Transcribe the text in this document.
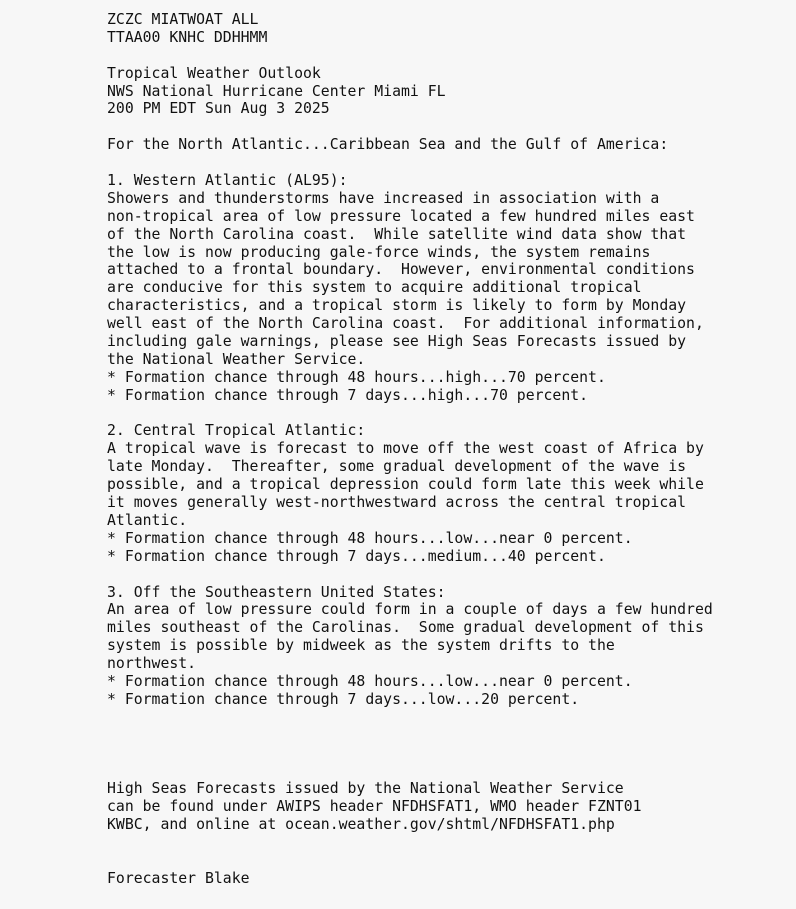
ZCZC MIATWOAT ALL
TTAA00 KNHC DDHHMM
Tropical Weather Outlook
NWS National Hurricane Center Miami FL
200 PM EDT Sun Aug 3 2025
For the North Atlantic...Caribbean Sea and the Gulf of America:
1. Western Atlantic (AL95):
Showers and thunderstorms have increased in association with a
non-tropical area of low pressure located a few hundred miles east
of the North Carolina coast.  While satellite wind data show that
the low is now producing gale-force winds, the system remains
attached to a frontal boundary.  However, environmental conditions
are conducive for this system to acquire additional tropical
characteristics, and a tropical storm is likely to form by Monday
well east of the North Carolina coast.  For additional information,
including gale warnings, please see High Seas Forecasts issued by
the National Weather Service.
* Formation chance through 48 hours...high...70 percent.
* Formation chance through 7 days...high...70 percent.
2. Central Tropical Atlantic:
A tropical wave is forecast to move off the west coast of Africa by
late Monday.  Thereafter, some gradual development of the wave is
possible, and a tropical depression could form late this week while
it moves generally west-northwestward across the central tropical
Atlantic.
* Formation chance through 48 hours...low...near 0 percent.
* Formation chance through 7 days...medium...40 percent.
3. Off the Southeastern United States:
An area of low pressure could form in a couple of days a few hundred
miles southeast of the Carolinas.  Some gradual development of this
system is possible by midweek as the system drifts to the
northwest.
* Formation chance through 48 hours...low...near 0 percent.
* Formation chance through 7 days...low...20 percent.
High Seas Forecasts issued by the National Weather Service
can be found under AWIPS header NFDHSFAT1, WMO header FZNT01
KWBC, and online at ocean.weather.gov/shtml/NFDHSFAT1.php
Forecaster Blake
